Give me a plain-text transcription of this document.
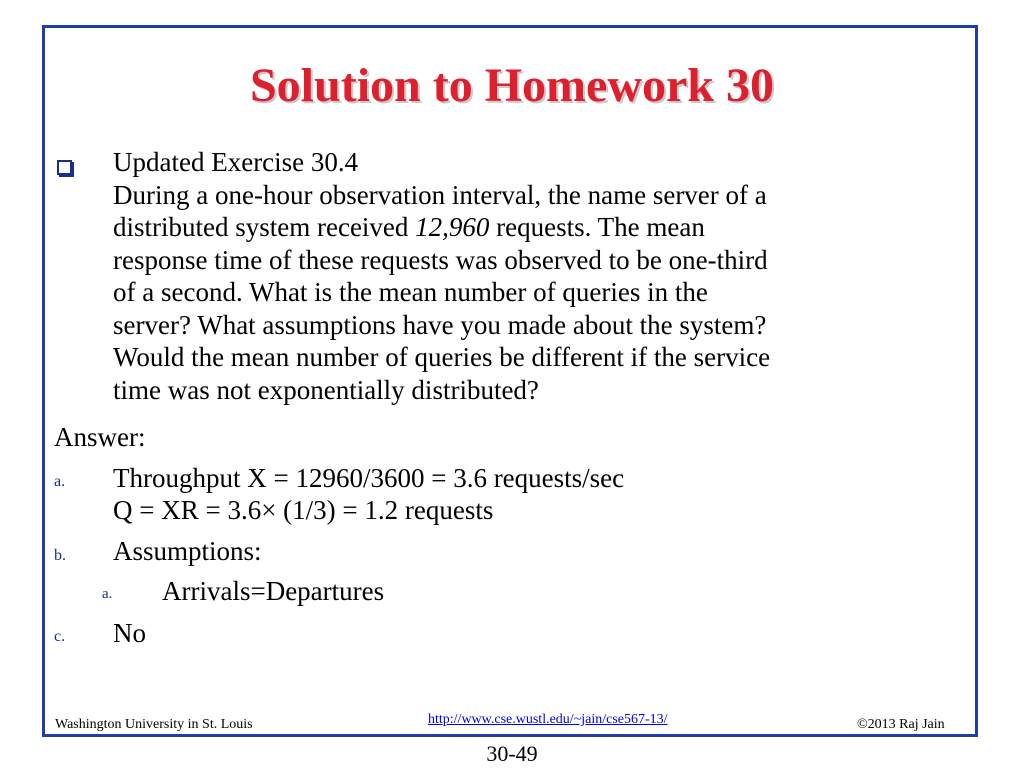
Solution to Homework 30
Updated Exercise 30.4
During a one-hour observation interval, the name server of a
distributed system received 12,960 requests. The mean
response time of these requests was observed to be one-third
of a second. What is the mean number of queries in the
server? What assumptions have you made about the system?
Would the mean number of queries be different if the service
time was not exponentially distributed?
Answer:
a. Throughput X = 12960/3600 = 3.6 requests/sec
Q = XR = 3.6× (1/3) = 1.2 requests
b. Assumptions:
a. Arrivals=Departures
c. No
Washington University in St. Louis	http://www.cse.wustl.edu/~jain/cse567-13/	©2013 Raj Jain
30-49
